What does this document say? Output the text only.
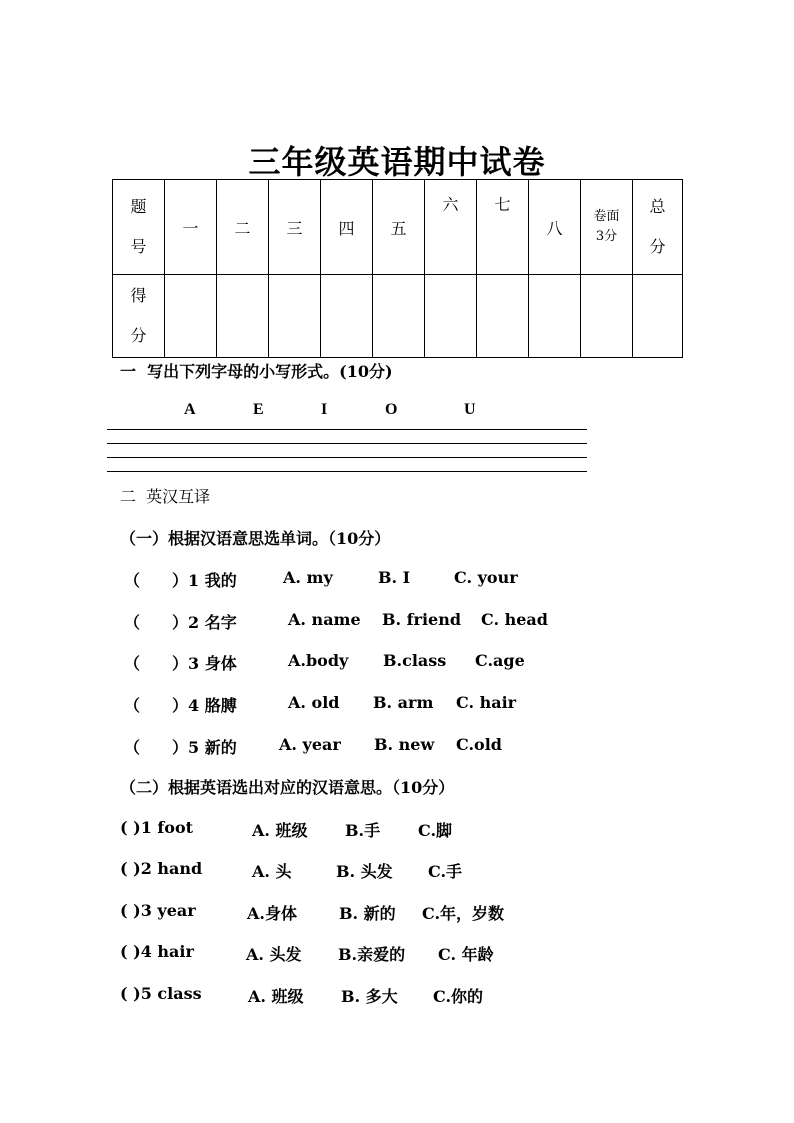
三年级英语期中试卷
题号	一	二	三	四	五	六	七	八	卷面3分	总分
得分										
一  写出下列字母的小写形式。(10分)
A	E	I	O	U
二  英汉互译
（一）根据汉语意思选单词。（10分）
（　　）1 我的	A. my	B. I	C. your
（　　）2 名字	A. name B. friend C. head
（　　）3 身体	A.body B.class C.age
（　　）4 胳膊	A. old B. arm C. hair
（　　）5 新的	A. year B. new C.old
（二）根据英语选出对应的汉语意思。（10分）
( )1 foot	A. 班级 B.手 C.脚
( )2 hand	A. 头	B. 头发 C.手
( )3 year	A.身体	B. 新的 C.年，岁数
( )4 hair	A. 头发 B.亲爱的 C. 年龄
( )5 class	A. 班级 B. 多大 C.你的
